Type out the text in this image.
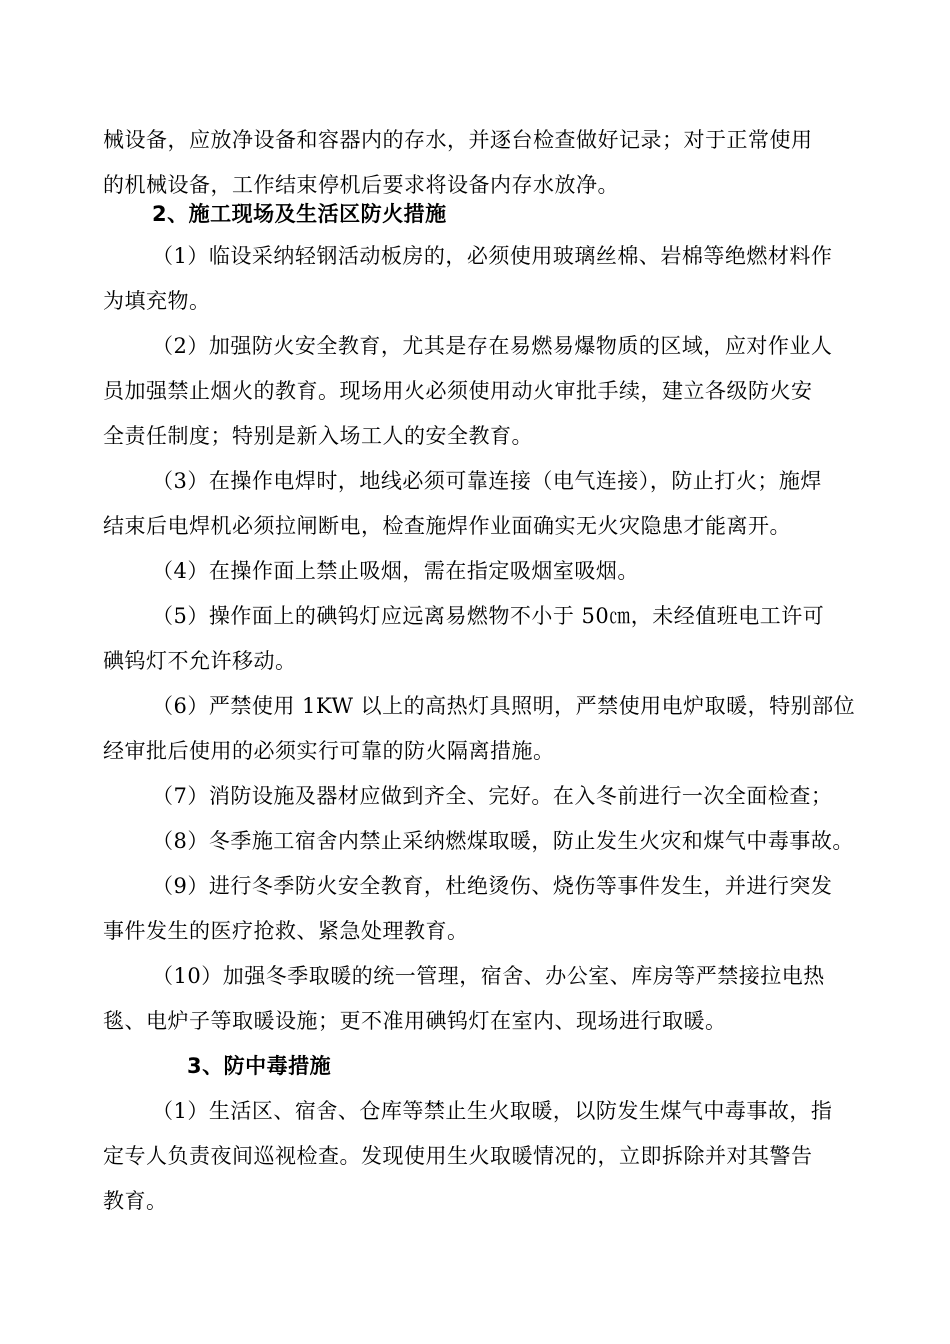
械设备，应放净设备和容器内的存水，并逐台检查做好记录；对于正常使用
的机械设备，工作结束停机后要求将设备内存水放净。
2、施工现场及生活区防火措施
（1）临设采纳轻钢活动板房的，必须使用玻璃丝棉、岩棉等绝燃材料作
为填充物。
（2）加强防火安全教育，尤其是存在易燃易爆物质的区域，应对作业人
员加强禁止烟火的教育。现场用火必须使用动火审批手续，建立各级防火安
全责任制度；特别是新入场工人的安全教育。
（3）在操作电焊时，地线必须可靠连接（电气连接），防止打火；施焊
结束后电焊机必须拉闸断电，检查施焊作业面确实无火灾隐患才能离开。
（4）在操作面上禁止吸烟，需在指定吸烟室吸烟。
（5）操作面上的碘钨灯应远离易燃物不小于 50㎝，未经值班电工许可
碘钨灯不允许移动。
（6）严禁使用 1KW 以上的高热灯具照明，严禁使用电炉取暖，特别部位
经审批后使用的必须实行可靠的防火隔离措施。
（7）消防设施及器材应做到齐全、完好。在入冬前进行一次全面检查；
（8）冬季施工宿舍内禁止采纳燃煤取暖，防止发生火灾和煤气中毒事故。
（9）进行冬季防火安全教育，杜绝烫伤、烧伤等事件发生，并进行突发
事件发生的医疗抢救、紧急处理教育。
（10）加强冬季取暖的统一管理，宿舍、办公室、库房等严禁接拉电热
毯、电炉子等取暖设施；更不准用碘钨灯在室内、现场进行取暖。
3、防中毒措施
（1）生活区、宿舍、仓库等禁止生火取暖，以防发生煤气中毒事故，指
定专人负责夜间巡视检查。发现使用生火取暖情况的，立即拆除并对其警告
教育。
